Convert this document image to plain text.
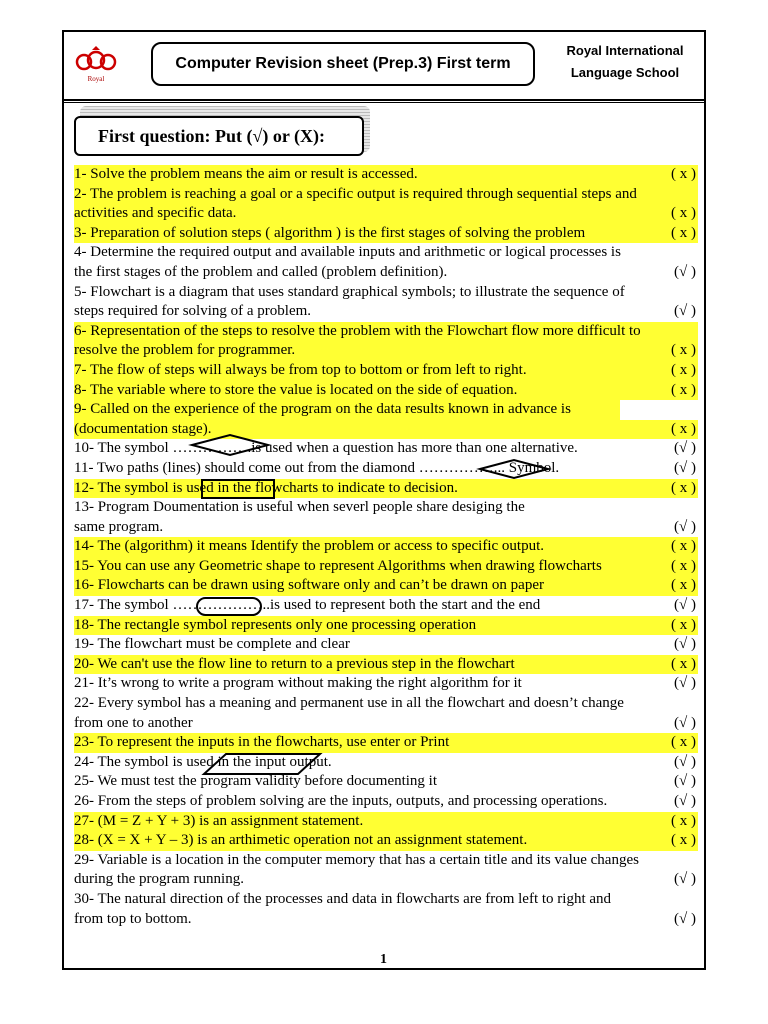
Royal
Computer Revision sheet (Prep.3) First term
Royal International
Language School
First question: Put (√) or (X):
1- Solve the problem means the aim or result is accessed.	( x )
2- The problem is reaching a goal or a specific output is required through sequential steps and
activities and specific data.	( x )
3- Preparation of solution steps ( algorithm ) is the first stages of solving the problem	( x )
4- Determine the required output and available inputs and arithmetic or logical processes is
the first stages of the problem and called (problem definition).	(√ )
5- Flowchart is a diagram that uses standard graphical symbols; to illustrate the sequence of
steps required for solving of a problem.	(√ )
6- Representation of the steps to resolve the problem with the Flowchart flow more difficult to
resolve the problem for programmer.	( x )
7- The flow of steps will always be from top to bottom or from left to right.	( x )
8- The variable where to store the value is located on the side of equation.	( x )
9- Called on the experience of the program on the data results known in advance is
(documentation stage).	( x )
10- The symbol …………….is used when a question has more than one alternative.	(√ )
11- Two paths (lines) should come out from the diamond ……………... Symbol.	(√ )
12- The symbol is used in the flowcharts to indicate to decision.	( x )
13- Program Doumentation is useful when severl people share desiging the
same program.	(√ )
14- The (algorithm) it means Identify the problem or access to specific output.	( x )
15- You can use any Geometric shape to represent Algorithms when drawing flowcharts	( x )
16- Flowcharts can be drawn using software only and can’t be drawn on paper	( x )
17- The symbol ………………..is used to represent both the start and the end	(√ )
18- The rectangle symbol represents only one processing operation	( x )
19- The flowchart must be complete and clear	(√ )
20- We can't use the flow line to return to a previous step in the flowchart	( x )
21- It’s wrong to write a program without making the right algorithm for it	(√ )
22- Every symbol has a meaning and permanent use in all the flowchart and doesn’t change
from one to another	(√ )
23- To represent the inputs in the flowcharts, use enter or Print	( x )
24- The symbol is used in the input output.	(√ )
25- We must test the program validity before documenting it	(√ )
26- From the steps of problem solving are the inputs, outputs, and processing operations.	(√ )
27- (M = Z + Y + 3) is an assignment statement.	( x )
28- (X = X + Y – 3) is an arthimetic operation not an assignment statement.	( x )
29- Variable is a location in the computer memory that has a certain title and its value changes
during the program running.	(√ )
30- The natural direction of the processes and data in flowcharts are from left to right and
from top to bottom.	(√ )
1
